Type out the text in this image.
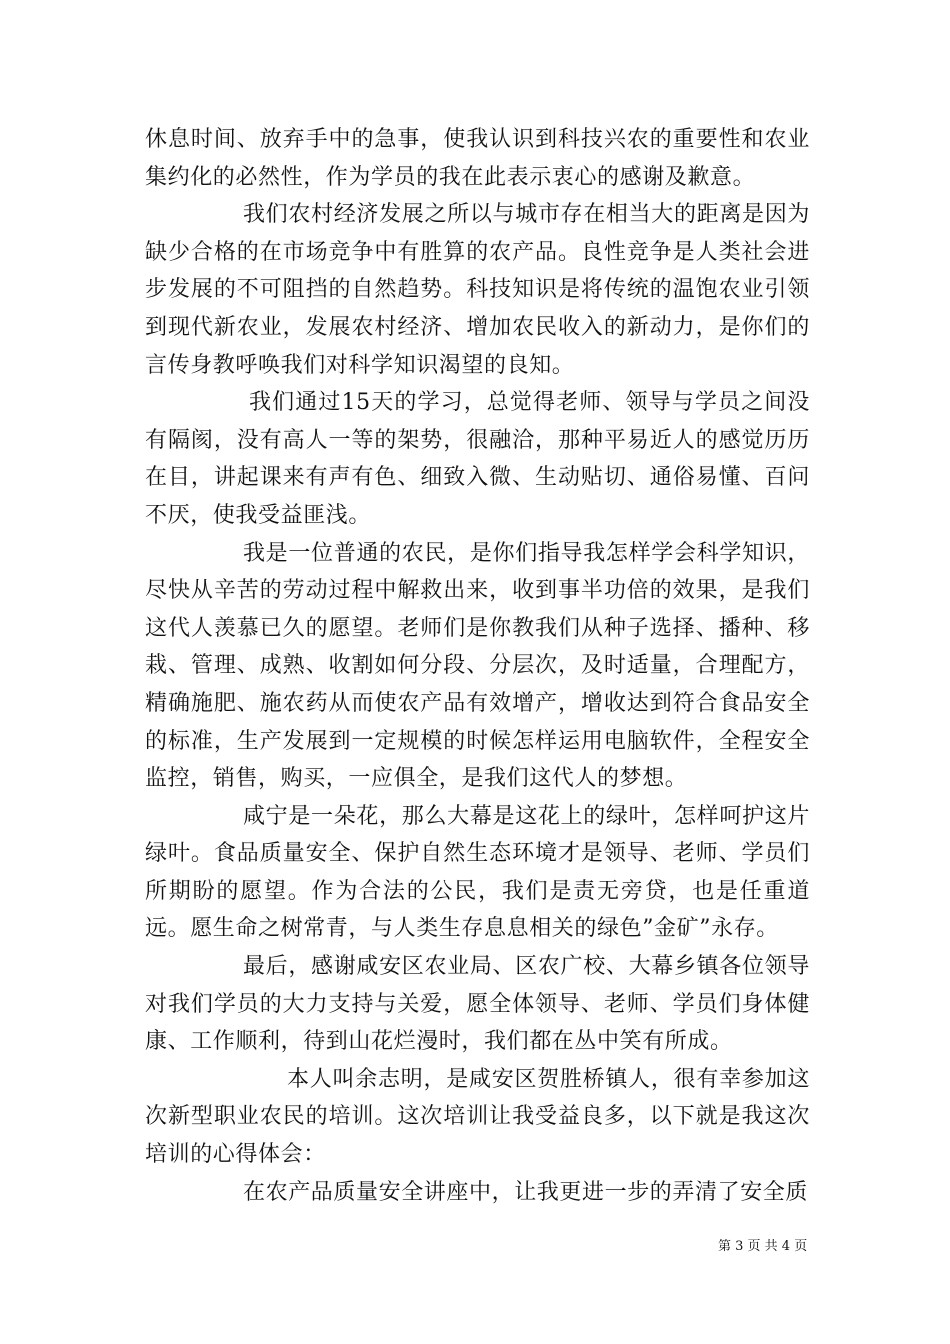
休息时间、放弃手中的急事，使我认识到科技兴农的重要性和农业集约化的必然性，作为学员的我在此表示衷心的感谢及歉意。

我们农村经济发展之所以与城市存在相当大的距离是因为缺少合格的在市场竞争中有胜算的农产品。良性竞争是人类社会进步发展的不可阻挡的自然趋势。科技知识是将传统的温饱农业引领到现代新农业，发展农村经济、增加农民收入的新动力，是你们的言传身教呼唤我们对科学知识渴望的良知。

我们通过15天的学习，总觉得老师、领导与学员之间没有隔阂，没有高人一等的架势，很融洽，那种平易近人的感觉历历在目，讲起课来有声有色、细致入微、生动贴切、通俗易懂、百问不厌，使我受益匪浅。

我是一位普通的农民，是你们指导我怎样学会科学知识，尽快从辛苦的劳动过程中解救出来，收到事半功倍的效果，是我们这代人羡慕已久的愿望。老师们是你教我们从种子选择、播种、移栽、管理、成熟、收割如何分段、分层次，及时适量，合理配方，精确施肥、施农药从而使农产品有效增产，增收达到符合食品安全的标准，生产发展到一定规模的时候怎样运用电脑软件，全程安全监控，销售，购买，一应俱全，是我们这代人的梦想。

咸宁是一朵花，那么大幕是这花上的绿叶，怎样呵护这片绿叶。食品质量安全、保护自然生态环境才是领导、老师、学员们所期盼的愿望。作为合法的公民，我们是责无旁贷，也是任重道远。愿生命之树常青，与人类生存息息相关的绿色”金矿”永存。

最后，感谢咸安区农业局、区农广校、大幕乡镇各位领导对我们学员的大力支持与关爱，愿全体领导、老师、学员们身体健康、工作顺利，待到山花烂漫时，我们都在丛中笑有所成。

本人叫余志明，是咸安区贺胜桥镇人，很有幸参加这次新型职业农民的培训。这次培训让我受益良多，以下就是我这次培训的心得体会：

在农产品质量安全讲座中，让我更进一步的弄清了安全质

第 3 页 共 4 页
